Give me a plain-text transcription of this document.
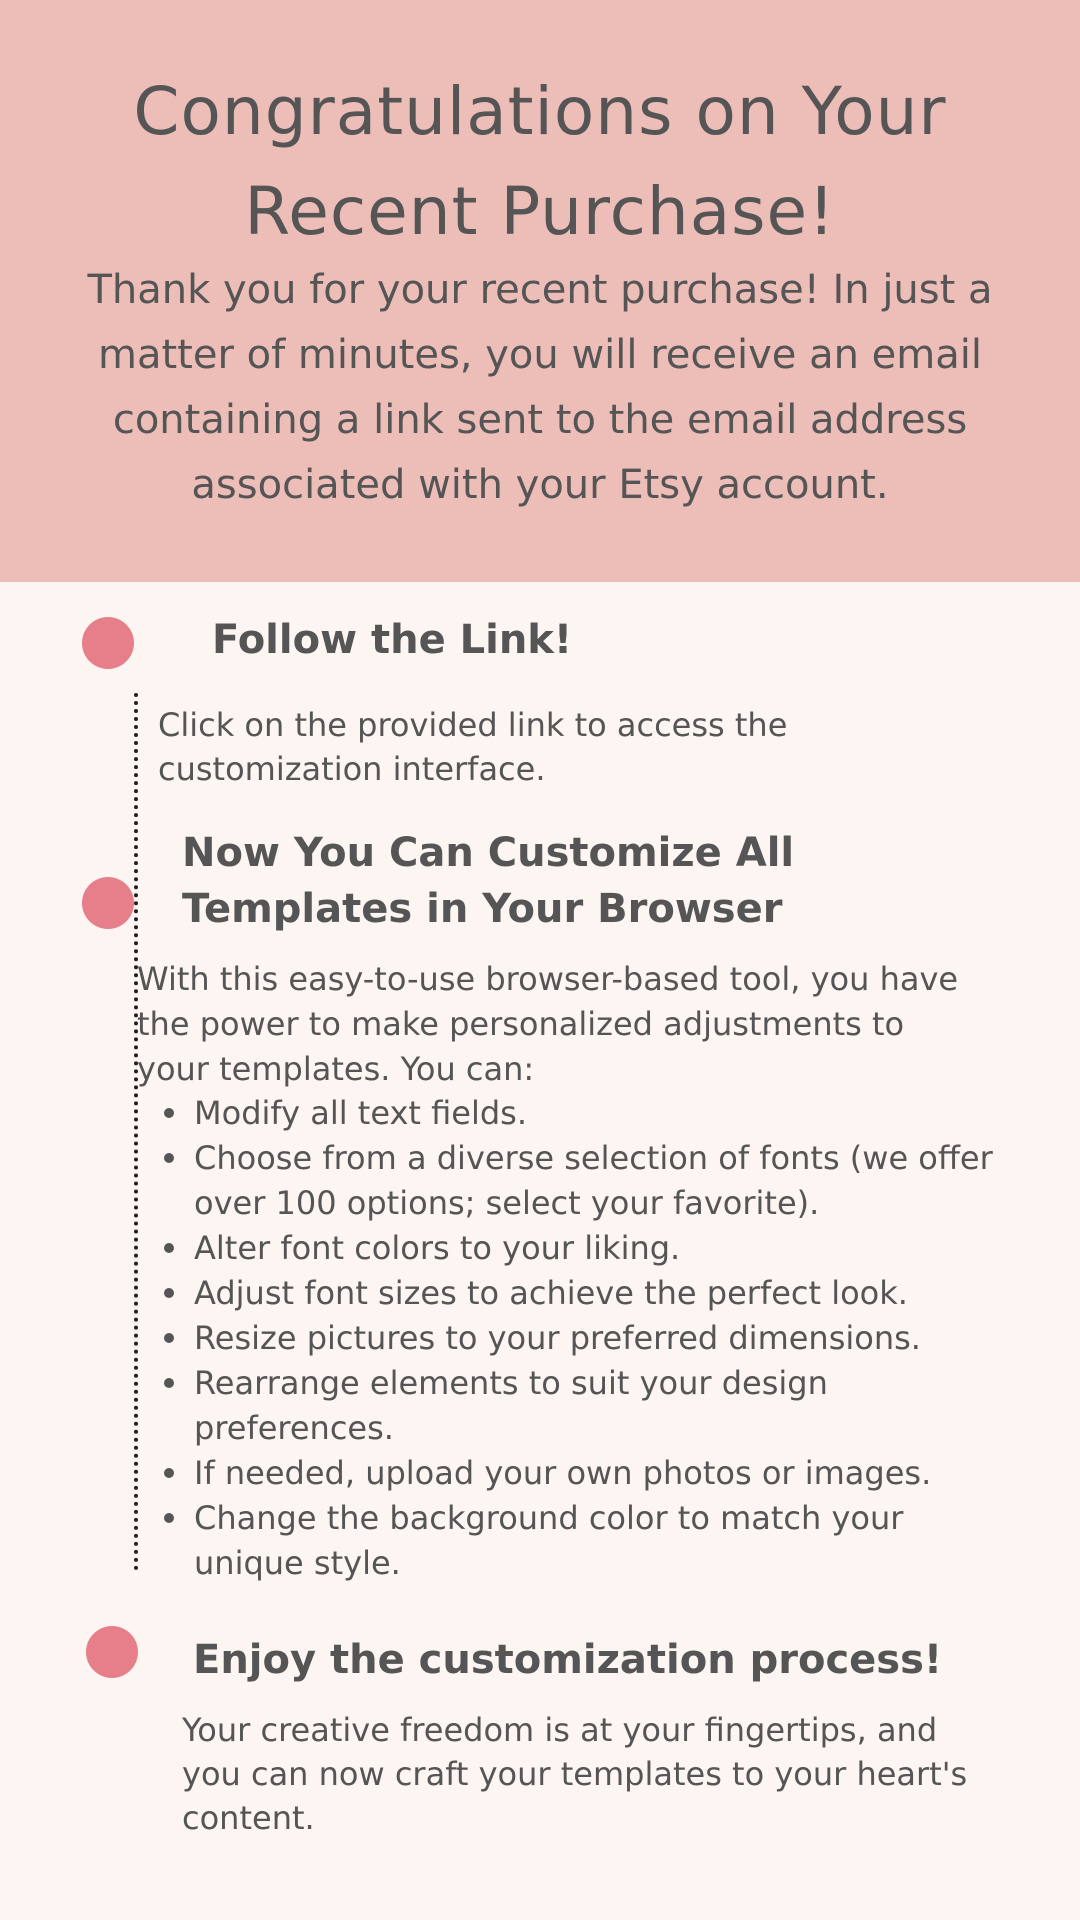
Congratulations on Your
Recent Purchase!

Thank you for your recent purchase! In just a matter of minutes, you will receive an email containing a link sent to the email address associated with your Etsy account.

Follow the Link!

Click on the provided link to access the customization interface.

Now You Can Customize All Templates in Your Browser

With this easy-to-use browser-based tool, you have the power to make personalized adjustments to your templates. You can:

Modify all text fields.
Choose from a diverse selection of fonts (we offer over 100 options; select your favorite).
Alter font colors to your liking.
Adjust font sizes to achieve the perfect look.
Resize pictures to your preferred dimensions.
Rearrange elements to suit your design preferences.
If needed, upload your own photos or images.
Change the background color to match your unique style.
Enjoy the customization process!

Your creative freedom is at your fingertips, and you can now craft your templates to your heart's content.
